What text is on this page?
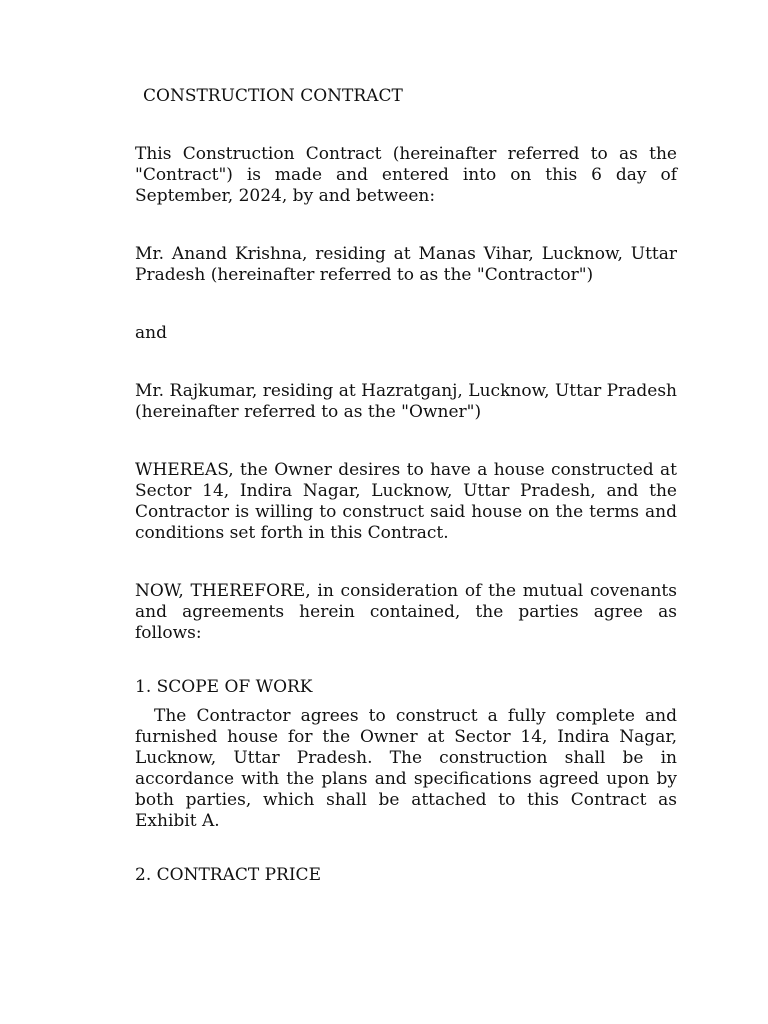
CONSTRUCTION CONTRACT
This Construction Contract (hereinafter referred to as the "Contract") is made and entered into on this 6 day of September, 2024, by and between:
Mr. Anand Krishna, residing at Manas Vihar, Lucknow, Uttar Pradesh (hereinafter referred to as the "Contractor")
and
Mr. Rajkumar, residing at Hazratganj, Lucknow, Uttar Pradesh (hereinafter referred to as the "Owner")
WHEREAS, the Owner desires to have a house constructed at Sector 14, Indira Nagar, Lucknow, Uttar Pradesh, and the Contractor is willing to construct said house on the terms and conditions set forth in this Contract.
NOW, THEREFORE, in consideration of the mutual covenants and agreements herein contained, the parties agree as follows:
1. SCOPE OF WORK
The Contractor agrees to construct a fully complete and furnished house for the Owner at Sector 14, Indira Nagar, Lucknow, Uttar Pradesh. The construction shall be in accordance with the plans and specifications agreed upon by both parties, which shall be attached to this Contract as Exhibit A.
2. CONTRACT PRICE
